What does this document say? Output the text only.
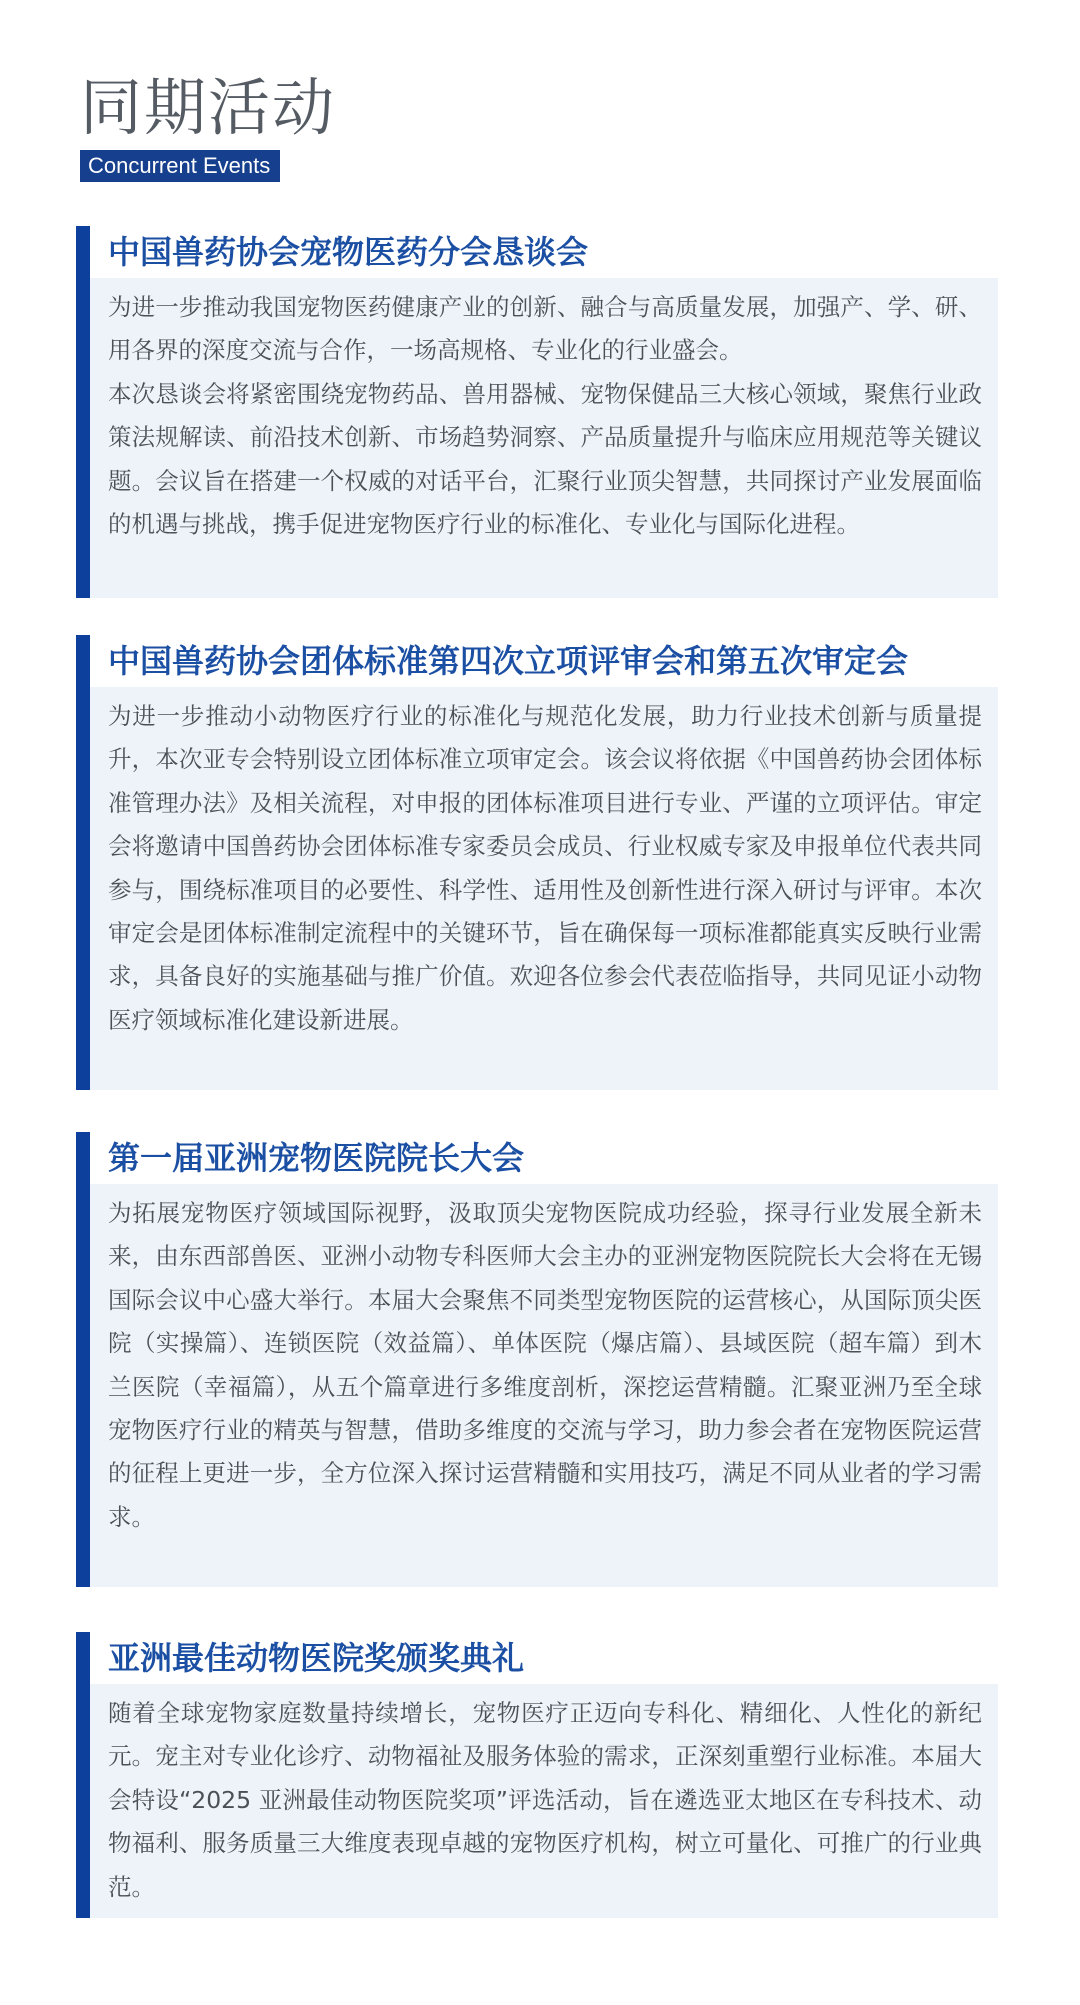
同期活动
Concurrent Events
中国兽药协会宠物医药分会恳谈会

为进一步推动我国宠物医药健康产业的创新、融合与高质量发展，加强产、学、研、用各界的深度交流与合作，一场高规格、专业化的行业盛会。

本次恳谈会将紧密围绕宠物药品、兽用器械、宠物保健品三大核心领域，聚焦行业政策法规解读、前沿技术创新、市场趋势洞察、产品质量提升与临床应用规范等关键议题。会议旨在搭建一个权威的对话平台，汇聚行业顶尖智慧，共同探讨产业发展面临的机遇与挑战，携手促进宠物医疗行业的标准化、专业化与国际化进程。

中国兽药协会团体标准第四次立项评审会和第五次审定会

为进一步推动小动物医疗行业的标准化与规范化发展，助力行业技术创新与质量提升，本次亚专会特别设立团体标准立项审定会。该会议将依据《中国兽药协会团体标准管理办法》及相关流程，对申报的团体标准项目进行专业、严谨的立项评估。审定会将邀请中国兽药协会团体标准专家委员会成员、行业权威专家及申报单位代表共同参与，围绕标准项目的必要性、科学性、适用性及创新性进行深入研讨与评审。本次审定会是团体标准制定流程中的关键环节，旨在确保每一项标准都能真实反映行业需求，具备良好的实施基础与推广价值。欢迎各位参会代表莅临指导，共同见证小动物医疗领域标准化建设新进展。

第一届亚洲宠物医院院长大会

为拓展宠物医疗领域国际视野，汲取顶尖宠物医院成功经验，探寻行业发展全新未来，由东西部兽医、亚洲小动物专科医师大会主办的亚洲宠物医院院长大会将在无锡国际会议中心盛大举行。本届大会聚焦不同类型宠物医院的运营核心，从国际顶尖医院（实操篇）、连锁医院（效益篇）、单体医院（爆店篇）、县域医院（超车篇）到木兰医院（幸福篇），从五个篇章进行多维度剖析，深挖运营精髓。汇聚亚洲乃至全球宠物医疗行业的精英与智慧，借助多维度的交流与学习，助力参会者在宠物医院运营的征程上更进一步，全方位深入探讨运营精髓和实用技巧，满足不同从业者的学习需求。

亚洲最佳动物医院奖颁奖典礼

随着全球宠物家庭数量持续增长，宠物医疗正迈向专科化、精细化、人性化的新纪元。宠主对专业化诊疗、动物福祉及服务体验的需求，正深刻重塑行业标准。本届大会特设“2025 亚洲最佳动物医院奖项”评选活动，旨在遴选亚太地区在专科技术、动物福利、服务质量三大维度表现卓越的宠物医疗机构，树立可量化、可推广的行业典范。
